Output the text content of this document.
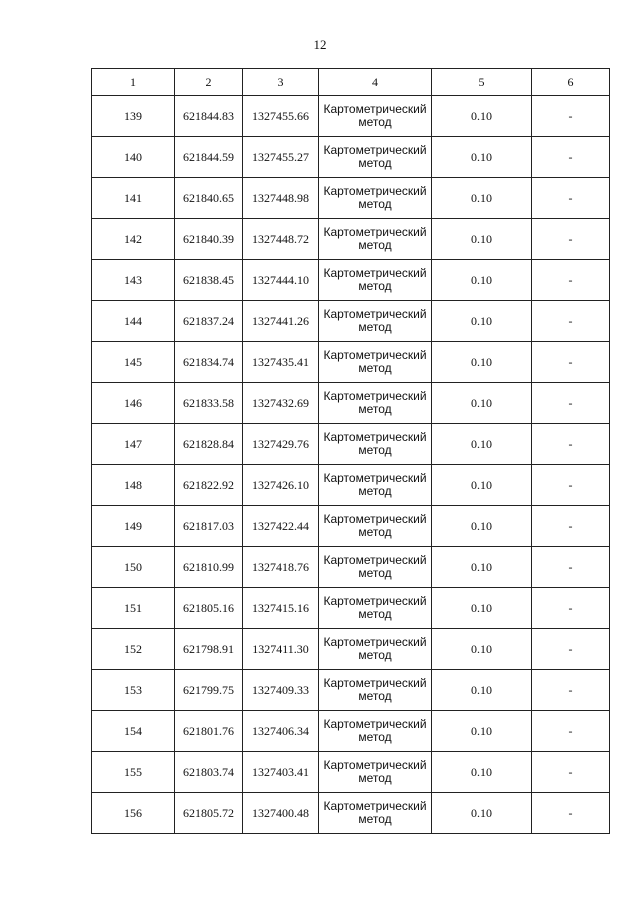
12
1	2	3	4	5	6
139	621844.83	1327455.66	Картометрический метод	0.10	-
140	621844.59	1327455.27	Картометрический метод	0.10	-
141	621840.65	1327448.98	Картометрический метод	0.10	-
142	621840.39	1327448.72	Картометрический метод	0.10	-
143	621838.45	1327444.10	Картометрический метод	0.10	-
144	621837.24	1327441.26	Картометрический метод	0.10	-
145	621834.74	1327435.41	Картометрический метод	0.10	-
146	621833.58	1327432.69	Картометрический метод	0.10	-
147	621828.84	1327429.76	Картометрический метод	0.10	-
148	621822.92	1327426.10	Картометрический метод	0.10	-
149	621817.03	1327422.44	Картометрический метод	0.10	-
150	621810.99	1327418.76	Картометрический метод	0.10	-
151	621805.16	1327415.16	Картометрический метод	0.10	-
152	621798.91	1327411.30	Картометрический метод	0.10	-
153	621799.75	1327409.33	Картометрический метод	0.10	-
154	621801.76	1327406.34	Картометрический метод	0.10	-
155	621803.74	1327403.41	Картометрический метод	0.10	-
156	621805.72	1327400.48	Картометрический метод	0.10	-
